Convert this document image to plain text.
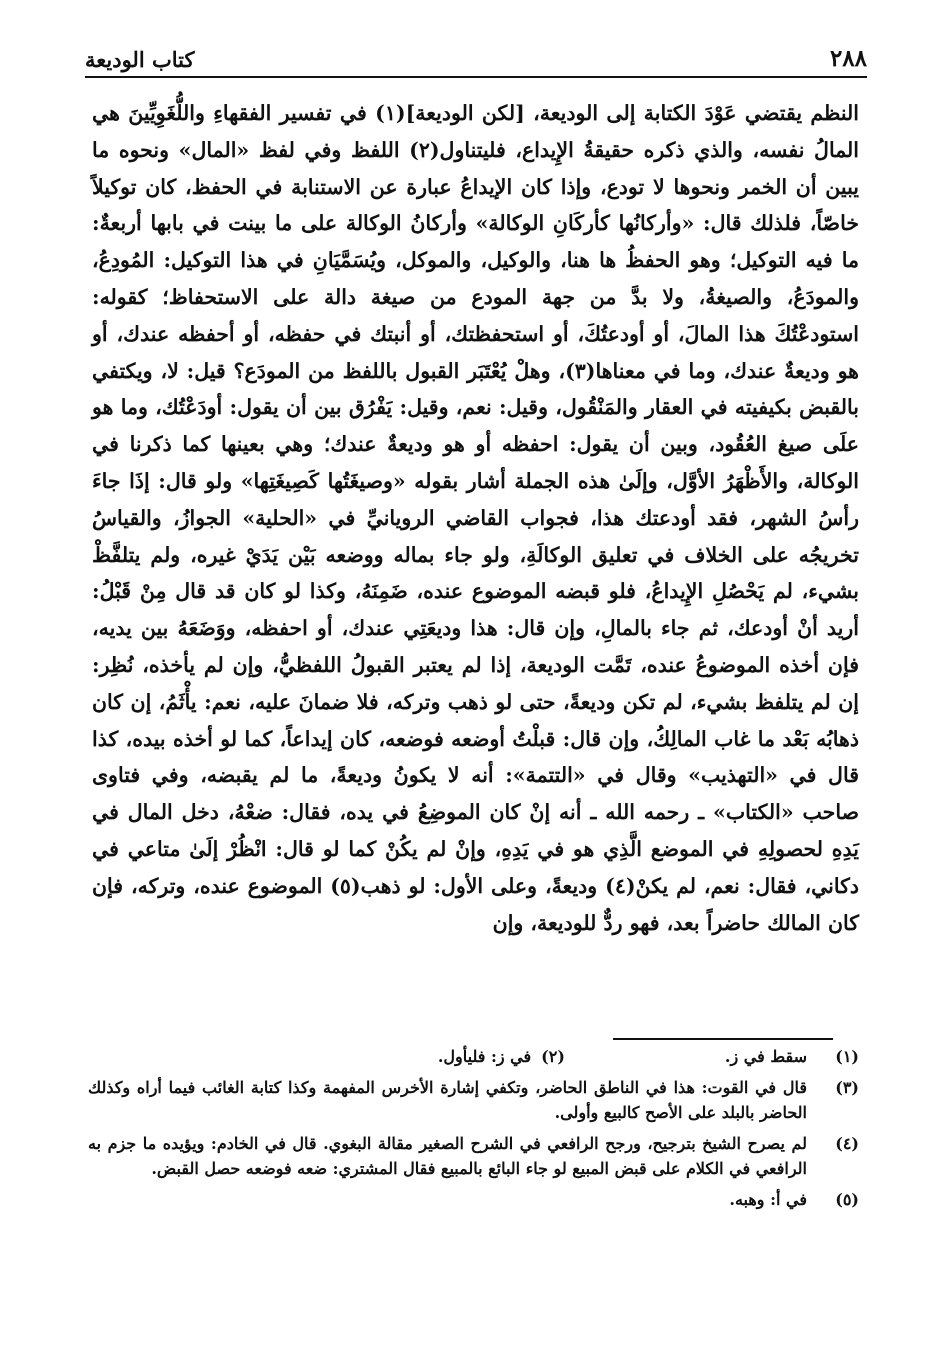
٢٨٨
كتاب الوديعة
النظم يقتضي عَوْدَ الكتابة إلى الوديعة، [لكن الوديعة](١) في تفسير الفقهاءِ واللُّغَوِيِّينَ هي المالُ نفسه، والذي ذكره حقيقةُ الإِيداع، فليتناول(٢) اللفظ وفي لفظ «المال» ونحوه ما يبين أن الخمر ونحوها لا تودع، وإذا كان الإيداعُ عبارة عن الاستنابة في الحفظ، كان توكيلاً خاصّاً، فلذلك قال: «وأركانُها كأركَانِ الوكالة» وأركانُ الوكالة على ما بينت في بابها أربعةٌ: ما فيه التوكيل؛ وهو الحفظُ ها هنا، والوكيل، والموكل، ويُسَمَّيَانِ في هذا التوكيل: المُودِعُ، والمودَعُ، والصيغةُ، ولا بدَّ من جهة المودع من صيغة دالة على الاستحفاظ؛ كقوله: استودعْتُكَ هذا المالَ، أو أودعتُكَ، أو استحفظتك، أو أنبتك في حفظه، أو أحفظه عندك، أو هو وديعةٌ عندك، وما في معناها(٣)، وهلْ يُعْتَبَر القبول باللفظ من المودَع؟ قيل: لا، ويكتفي بالقبض بكيفيته في العقار والمَنْقُول، وقيل: نعم، وقيل: يَفْرُق بين أن يقول: أودَعْتُك، وما هو علَى صيغ العُقُود، وبين أن يقول: احفظه أو هو وديعةٌ عندك؛ وهي بعينها كما ذكرنا في الوكالة، والأَظْهَرُ الأوَّل، وإلَىٰ هذه الجملة أشار بقوله «وصيغَتُها كَصِيغَتِها» ولو قال: إذَا جاءَ رأسُ الشهر، فقد أودعتك هذا، فجواب القاضي الرويانيِّ في «الحلية» الجوازُ، والقياسُ تخريجُه على الخلاف في تعليق الوكالَةِ، ولو جاء بماله ووضعه بَيْن يَدَيْ غيره، ولم يتلفَّظْ بشيء، لم يَحْصُلِ الإِيداعُ، فلو قبضه الموضوع عنده، ضَمِنَهُ، وكذا لو كان قد قال مِنْ قَبْلُ: أريد أنْ أودعك، ثم جاء بالمالِ، وإن قال: هذا وديعَتِي عندك، أو احفظه، ووَضَعَهُ بين يديه، فإن أخذه الموضوعُ عنده، تَمَّت الوديعة، إذا لم يعتبر القبولُ اللفظيُّ، وإن لم يأخذه، نُظِر: إن لم يتلفظ بشيء، لم تكن وديعةً، حتى لو ذهب وتركه، فلا ضمانَ عليه، نعم: يأْثَمُ، إن كان ذهابُه بَعْد ما غاب المالِكُ، وإن قال: قبلْتُ أوضعه فوضعه، كان إيداعاً، كما لو أخذه بيده، كذا قال في «التهذيب» وقال في «التتمة»: أنه لا يكونُ وديعةً، ما لم يقبضه، وفي فتاوى صاحب «الكتاب» ـ رحمه الله ـ أنه إنْ كان الموضِعُ في يده، فقال: ضعْهُ، دخل المال في يَدِهِ لحصولِهِ في الموضع الَّذِي هو في يَدِهِ، وإنْ لم يكُنْ كما لو قال: انْظُرْ إلَىٰ متاعي في دكاني، فقال: نعم، لم يكنْ(٤) وديعةً، وعلى الأول: لو ذهب(٥) الموضوع عنده، وتركه، فإن كان المالك حاضراً بعد، فهو ردٌّ للوديعة، وإن
(١)
سقط في ز.
(٢)
في ز: فليأول.
(٣)
قال في القوت: هذا في الناطق الحاضر، وتكفي إشارة الأخرس المفهمة وكذا كتابة الغائب فيما أراه وكذلك الحاضر بالبلد على الأصح كالبيع وأولى.
(٤)
لم يصرح الشيخ بترجيح، ورجح الرافعي في الشرح الصغير مقالة البغوي. قال في الخادم: ويؤيده ما جزم به الرافعي في الكلام على قبض المبيع لو جاء البائع بالمبيع فقال المشتري: ضعه فوضعه حصل القبض.
(٥)
في أ: وهبه.
